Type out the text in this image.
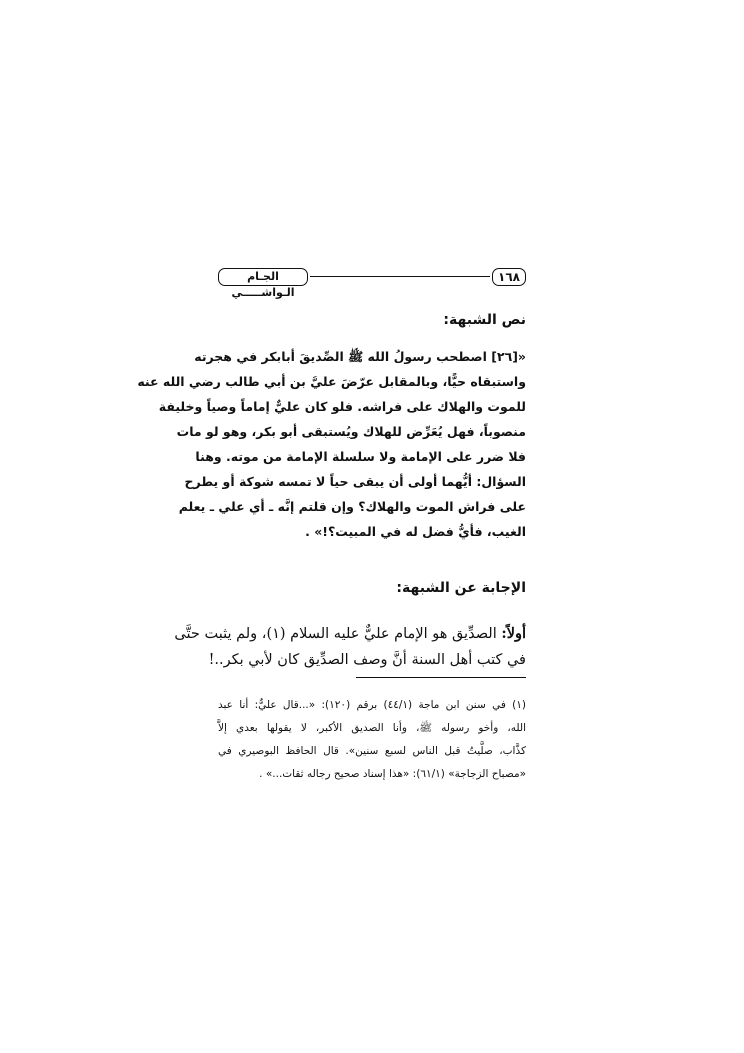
١٦٨
الجـام الـواشـــــي
نص الشبهة:
«[٢٦] اصطحب رسولُ الله ﷺ الصِّديقَ أبابكر في هجرته
واستبقاه حيًّا، وبالمقابل عرّضَ عليَّ بن أبي طالب رضي الله عنه
للموت والهلاك على فراشه. فلو كان عليٌّ إماماً وصياً وخليفة
منصوباً، فهل يُعَرِّض للهلاك ويُستبقى أبو بكر، وهو لو مات
فلا ضرر على الإمامة ولا سلسلة الإمامة من موته. وهنا
السؤال: أيُّهما أولى أن يبقى حياً لا تمسه شوكة أو يطرح
على فراش الموت والهلاك؟ وإن قلتم إنَّه ـ أي علي ـ يعلم
الغيب، فأيُّ فضل له في المبيت؟!» .
الإجابة عن الشبهة:
أولاً: الصدِّيق هو الإمام عليٌّ عليه السلام (١)، ولم يثبت حتَّى
في كتب أهل السنة أنَّ وصف الصدِّيق كان لأبي بكر..!
(١) في سنن ابن ماجة (٤٤/١) برقم (١٢٠): «...قال عليٌّ: أنا عبد
الله، وأخو رسوله ﷺ، وأنا الصديق الأكبر، لا يقولها بعدي إلاَّ
كذَّاب، صلَّيتُ قبل الناس لسبع سنين». قال الحافظ البوصيري في
«مصباح الزجاجة» (٦١/١): «هذا إسناد صحيح رجاله ثقات...» .
